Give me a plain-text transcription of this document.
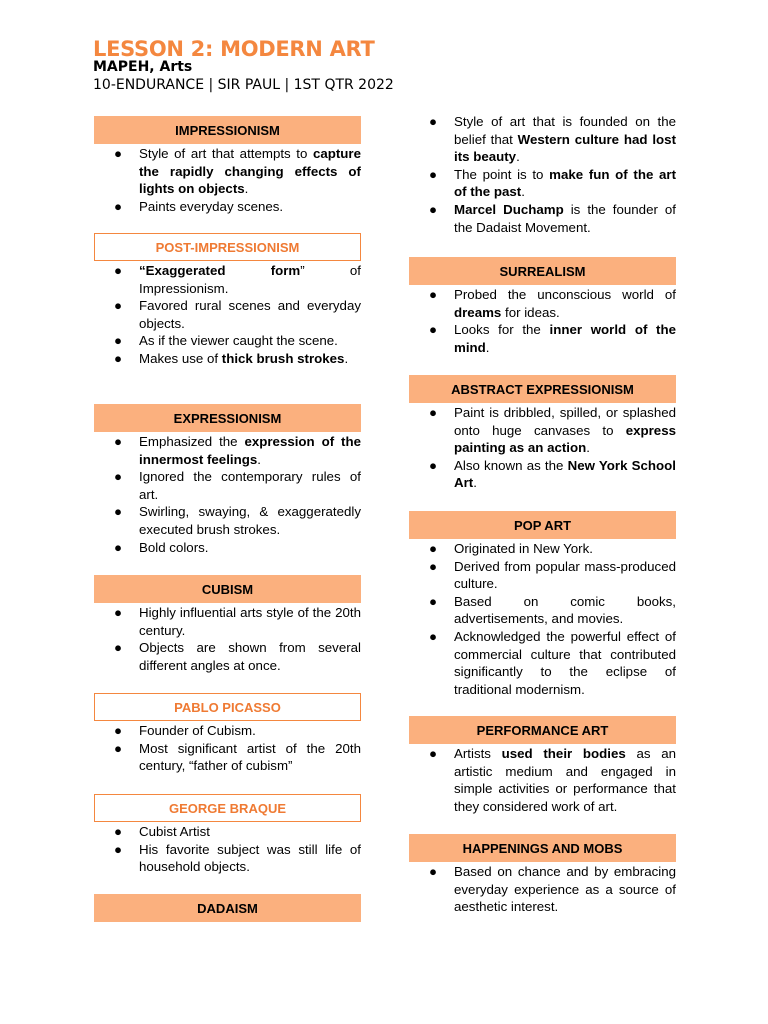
LESSON 2: MODERN ART
MAPEH, Arts
10-ENDURANCE | SIR PAUL | 1ST QTR 2022
IMPRESSIONISM
● Style of art that attempts to capture the rapidly changing effects of lights on objects.
● Paints everyday scenes.
POST-IMPRESSIONISM
● “Exaggerated form” of Impressionism.
● Favored rural scenes and everyday objects.
● As if the viewer caught the scene.
● Makes use of thick brush strokes.
EXPRESSIONISM
● Emphasized the expression of the innermost feelings.
● Ignored the contemporary rules of art.
● Swirling, swaying, & exaggeratedly executed brush strokes.
● Bold colors.
CUBISM
● Highly influential arts style of the 20th century.
● Objects are shown from several different angles at once.
PABLO PICASSO
● Founder of Cubism.
● Most significant artist of the 20th century, “father of cubism”
GEORGE BRAQUE
● Cubist Artist
● His favorite subject was still life of household objects.
DADAISM
● Style of art that is founded on the belief that Western culture had lost its beauty.
● The point is to make fun of the art of the past.
● Marcel Duchamp is the founder of the Dadaist Movement.
SURREALISM
● Probed the unconscious world of dreams for ideas.
● Looks for the inner world of the mind.
ABSTRACT EXPRESSIONISM
● Paint is dribbled, spilled, or splashed onto huge canvases to express painting as an action.
● Also known as the New York School Art.
POP ART
● Originated in New York.
● Derived from popular mass-produced culture.
● Based on comic books, advertisements, and movies.
● Acknowledged the powerful effect of commercial culture that contributed significantly to the eclipse of traditional modernism.
PERFORMANCE ART
● Artists used their bodies as an artistic medium and engaged in simple activities or performance that they considered work of art.
HAPPENINGS AND MOBS
● Based on chance and by embracing everyday experience as a source of aesthetic interest.
